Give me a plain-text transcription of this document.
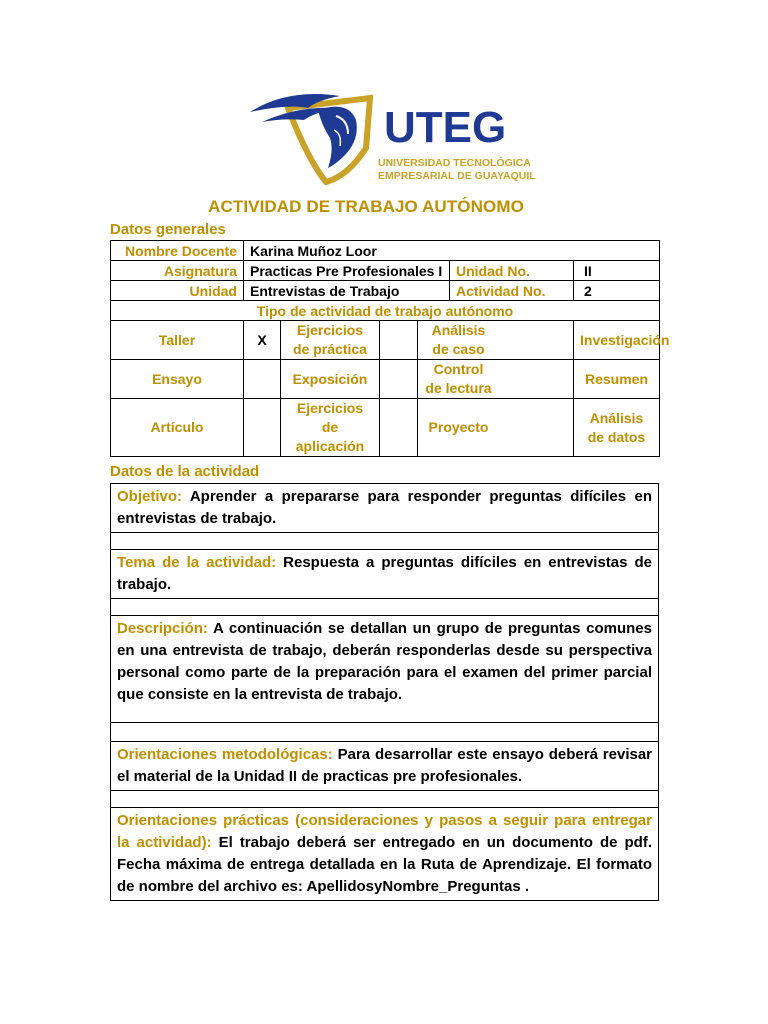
UTEG
UNIVERSIDAD TECNOLÓGICA
EMPRESARIAL DE GUAYAQUIL
ACTIVIDAD DE TRABAJO AUTÓNOMO
Datos generales
Nombre Docente	Karina Muñoz Loor					
Asignatura	Practicas Pre Profesionales I				Unidad No.	II
Unidad	Entrevistas de Trabajo				Actividad No.	2
Tipo de actividad de trabajo autónomo						
Taller	X	Ejercicios de práctica		Análisis de caso		Investigación
Ensayo		Exposición		Control de lectura		Resumen
Artículo		Ejercicios de aplicación		Proyecto		Análisis de datos
Datos de la actividad
Objetivo: Aprender a prepararse para responder preguntas difíciles en entrevistas de trabajo.

Tema de la actividad: Respuesta a preguntas difíciles en entrevistas de trabajo.

Descripción: A continuación se detallan un grupo de preguntas comunes en una entrevista de trabajo, deberán responderlas desde su perspectiva personal como parte de la preparación para el examen del primer parcial que consiste en la entrevista de trabajo.

Orientaciones metodológicas: Para desarrollar este ensayo deberá revisar el material de la Unidad II de practicas pre profesionales.

Orientaciones prácticas (consideraciones y pasos a seguir para entregar la actividad): El trabajo deberá ser entregado en un documento de pdf. Fecha máxima de entrega detallada en la Ruta de Aprendizaje. El formato de nombre del archivo es: ApellidosyNombre_Preguntas .
